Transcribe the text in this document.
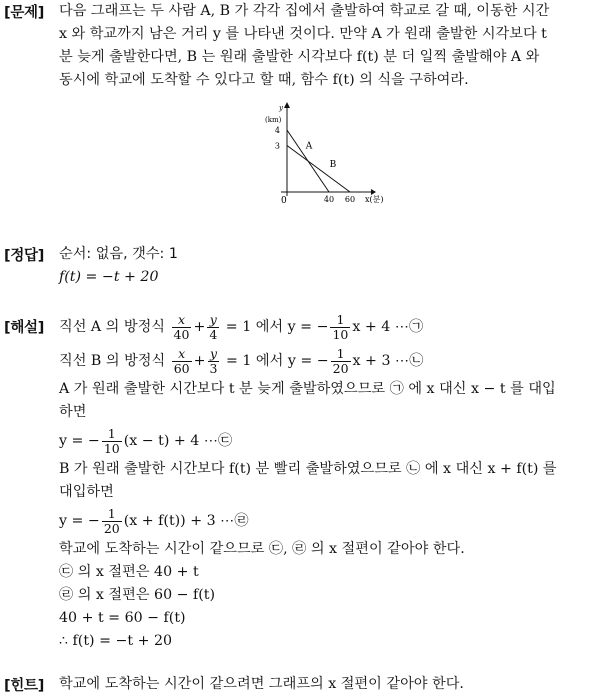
[문제] 다음 그래프는 두 사람 A, B 가 각각 집에서 출발하여 학교로 갈 때, 이동한 시간
x 와 학교까지 남은 거리 y 를 나타낸 것이다. 만약 A 가 원래 출발한 시각보다 t
분 늦게 출발한다면, B 는 원래 출발한 시각보다 f(t) 분 더 일찍 출발해야 A 와
동시에 학교에 도착할 수 있다고 할 때, 함수 f(t) 의 식을 구하여라.
y
(km)
x(분)
0
4
3
40 60
A
B
[정답] 순서: 없음, 갯수: 1
f(t) = −t + 20
[해설] 직선 A 의 방정식 $\frac{x}{40} + \frac{y}{4} = 1$ 에서 y = − $\frac{1}{10}$ x + 4 ⋯㉠
직선 B 의 방정식 $\frac{x}{60} + \frac{y}{3} = 1$ 에서 y = − $\frac{1}{20}$ x + 3 ⋯㉡
A 가 원래 출발한 시간보다 t 분 늦게 출발하였으므로 ㉠ 에 x 대신 x − t 를 대입
하면
y = − $\frac{1}{10} (x - t) + 4$ ⋯㉢
B 가 원래 출발한 시간보다 f(t) 분 빨리 출발하였으므로 ㉡ 에 x 대신 x + f(t) 를
대입하면
y = − $\frac{1}{20} (x + f(t)) + 3$ ⋯㉣
학교에 도착하는 시간이 같으므로 ㉢, ㉣ 의 x 절편이 같아야 한다.
㉢ 의 x 절편은 40 + t
㉣ 의 x 절편은 60 − f(t)
40 + t = 60 − f(t)
∴ f(t) = −t + 20
[힌트] 학교에 도착하는 시간이 같으려면 그래프의 x 절편이 같아야 한다.
